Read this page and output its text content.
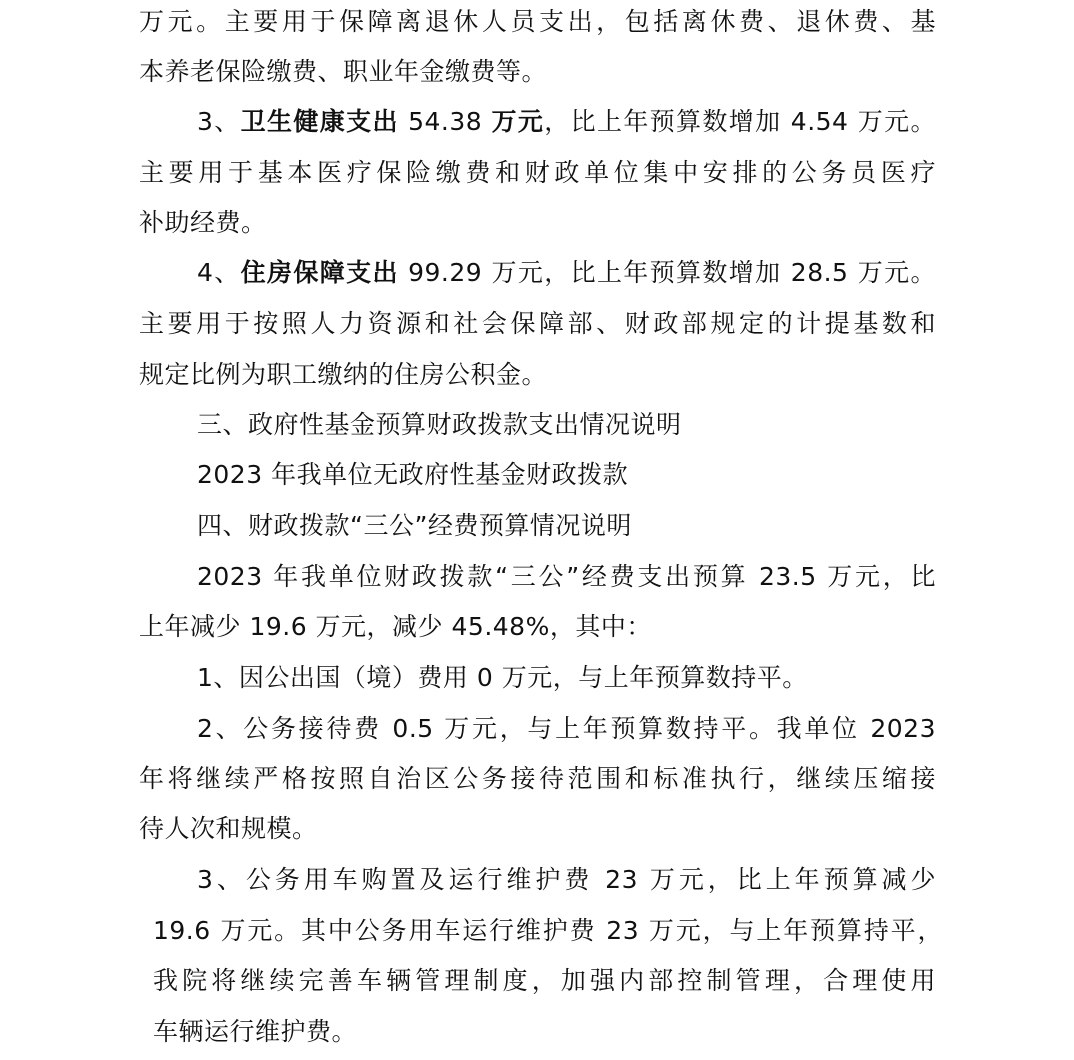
万元。主要用于保障离退休人员支出，包括离休费、退休费、基
本养老保险缴费、职业年金缴费等。
3、卫生健康支出 54.38 万元，比上年预算数增加 4.54 万元。
主要用于基本医疗保险缴费和财政单位集中安排的公务员医疗
补助经费。
4、住房保障支出 99.29 万元，比上年预算数增加 28.5 万元。
主要用于按照人力资源和社会保障部、财政部规定的计提基数和
规定比例为职工缴纳的住房公积金。
三、政府性基金预算财政拨款支出情况说明
2023 年我单位无政府性基金财政拨款
四、财政拨款“三公”经费预算情况说明
2023 年我单位财政拨款“三公”经费支出预算 23.5 万元，比
上年减少 19.6 万元，减少 45.48%，其中：
1、因公出国（境）费用 0 万元，与上年预算数持平。
2、公务接待费 0.5 万元，与上年预算数持平。我单位 2023
年将继续严格按照自治区公务接待范围和标准执行，继续压缩接
待人次和规模。
3、公务用车购置及运行维护费 23 万元，比上年预算减少
19.6 万元。其中公务用车运行维护费 23 万元，与上年预算持平，
我院将继续完善车辆管理制度，加强内部控制管理，合理使用
车辆运行维护费。
